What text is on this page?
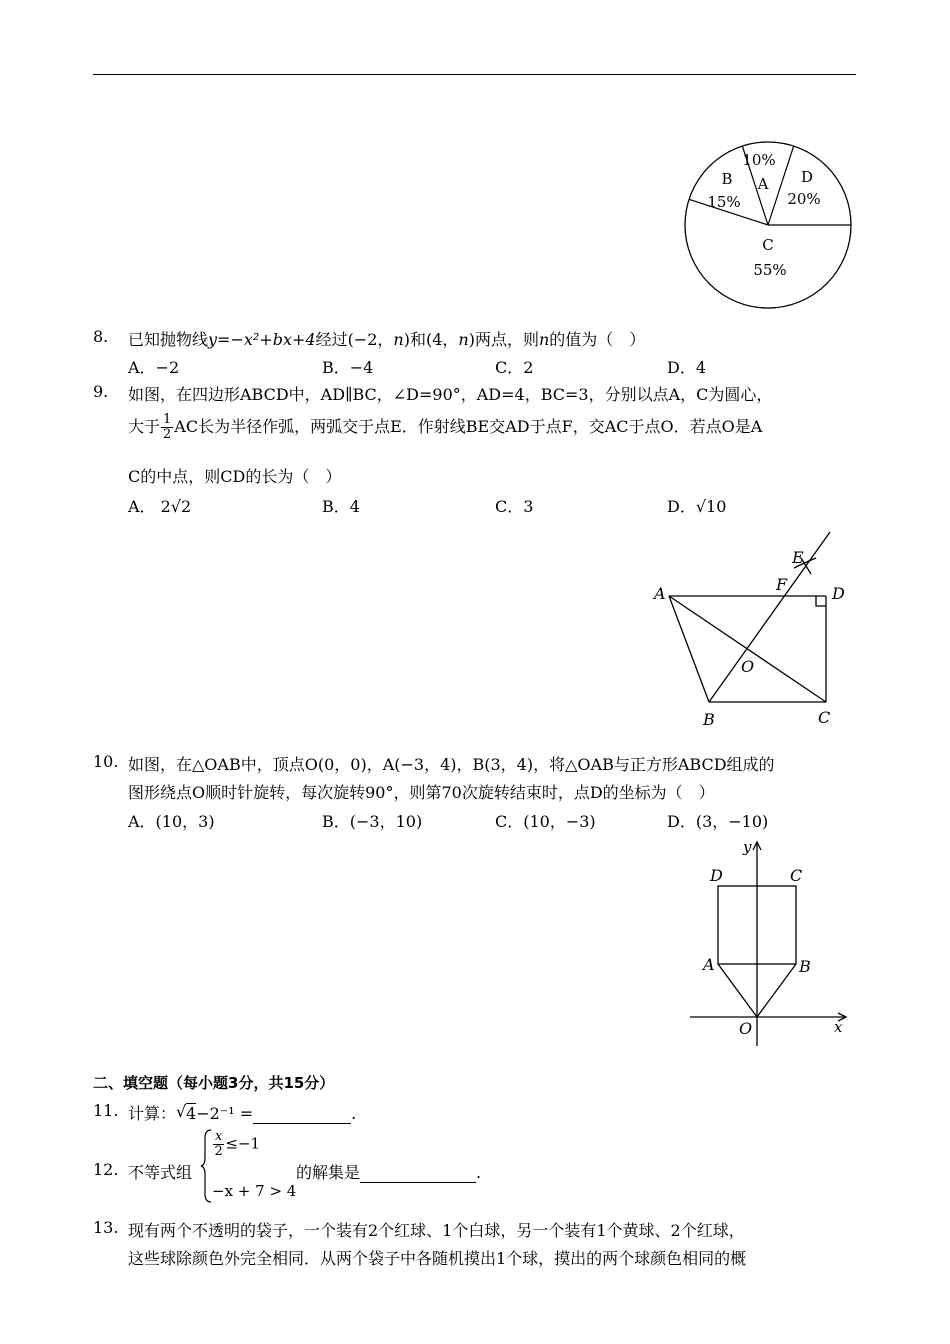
10%
A D
20%
C
55%
B
15%
8. 已知抛物线y=−x²+bx+4经过(−2，n)和(4，n)两点，则n的值为（　）
A．−2	B．−4	C．2	D．4
9. 如图，在四边形ABCD中，AD∥BC，∠D=90°，AD=4，BC=3，分别以点A，C为圆心，
大于 $\frac{1}{2}$ AC长为半径作弧，两弧交于点E．作射线BE交AD于点F，交AC于点O．若点O是A
C的中点，则CD的长为（　）
A． 2√2	B．4	C．3	D．√10
A	D
E
F
O
B	C
10. 如图，在△OAB中，顶点O(0，0)，A(−3，4)，B(3，4)，将△OAB与正方形ABCD组成的
图形绕点O顺时针旋转，每次旋转90°，则第70次旋转结束时，点D的坐标为（　）
A．(10，3)	B．(−3，10)	C．(10，−3)	D．(3，−10)
y
x
D	C
A	B
O
二、填空题（每小题3分，共15分）
11. 计算：√ 4−2⁻¹ =	.
12. 不等式组
$\frac{x}{2} \le-1$
−x + 7 > 4
的解集是	.
13. 现有两个不透明的袋子，一个装有2个红球、1个白球，另一个装有1个黄球、2个红球，
这些球除颜色外完全相同．从两个袋子中各随机摸出1个球，摸出的两个球颜色相同的概
